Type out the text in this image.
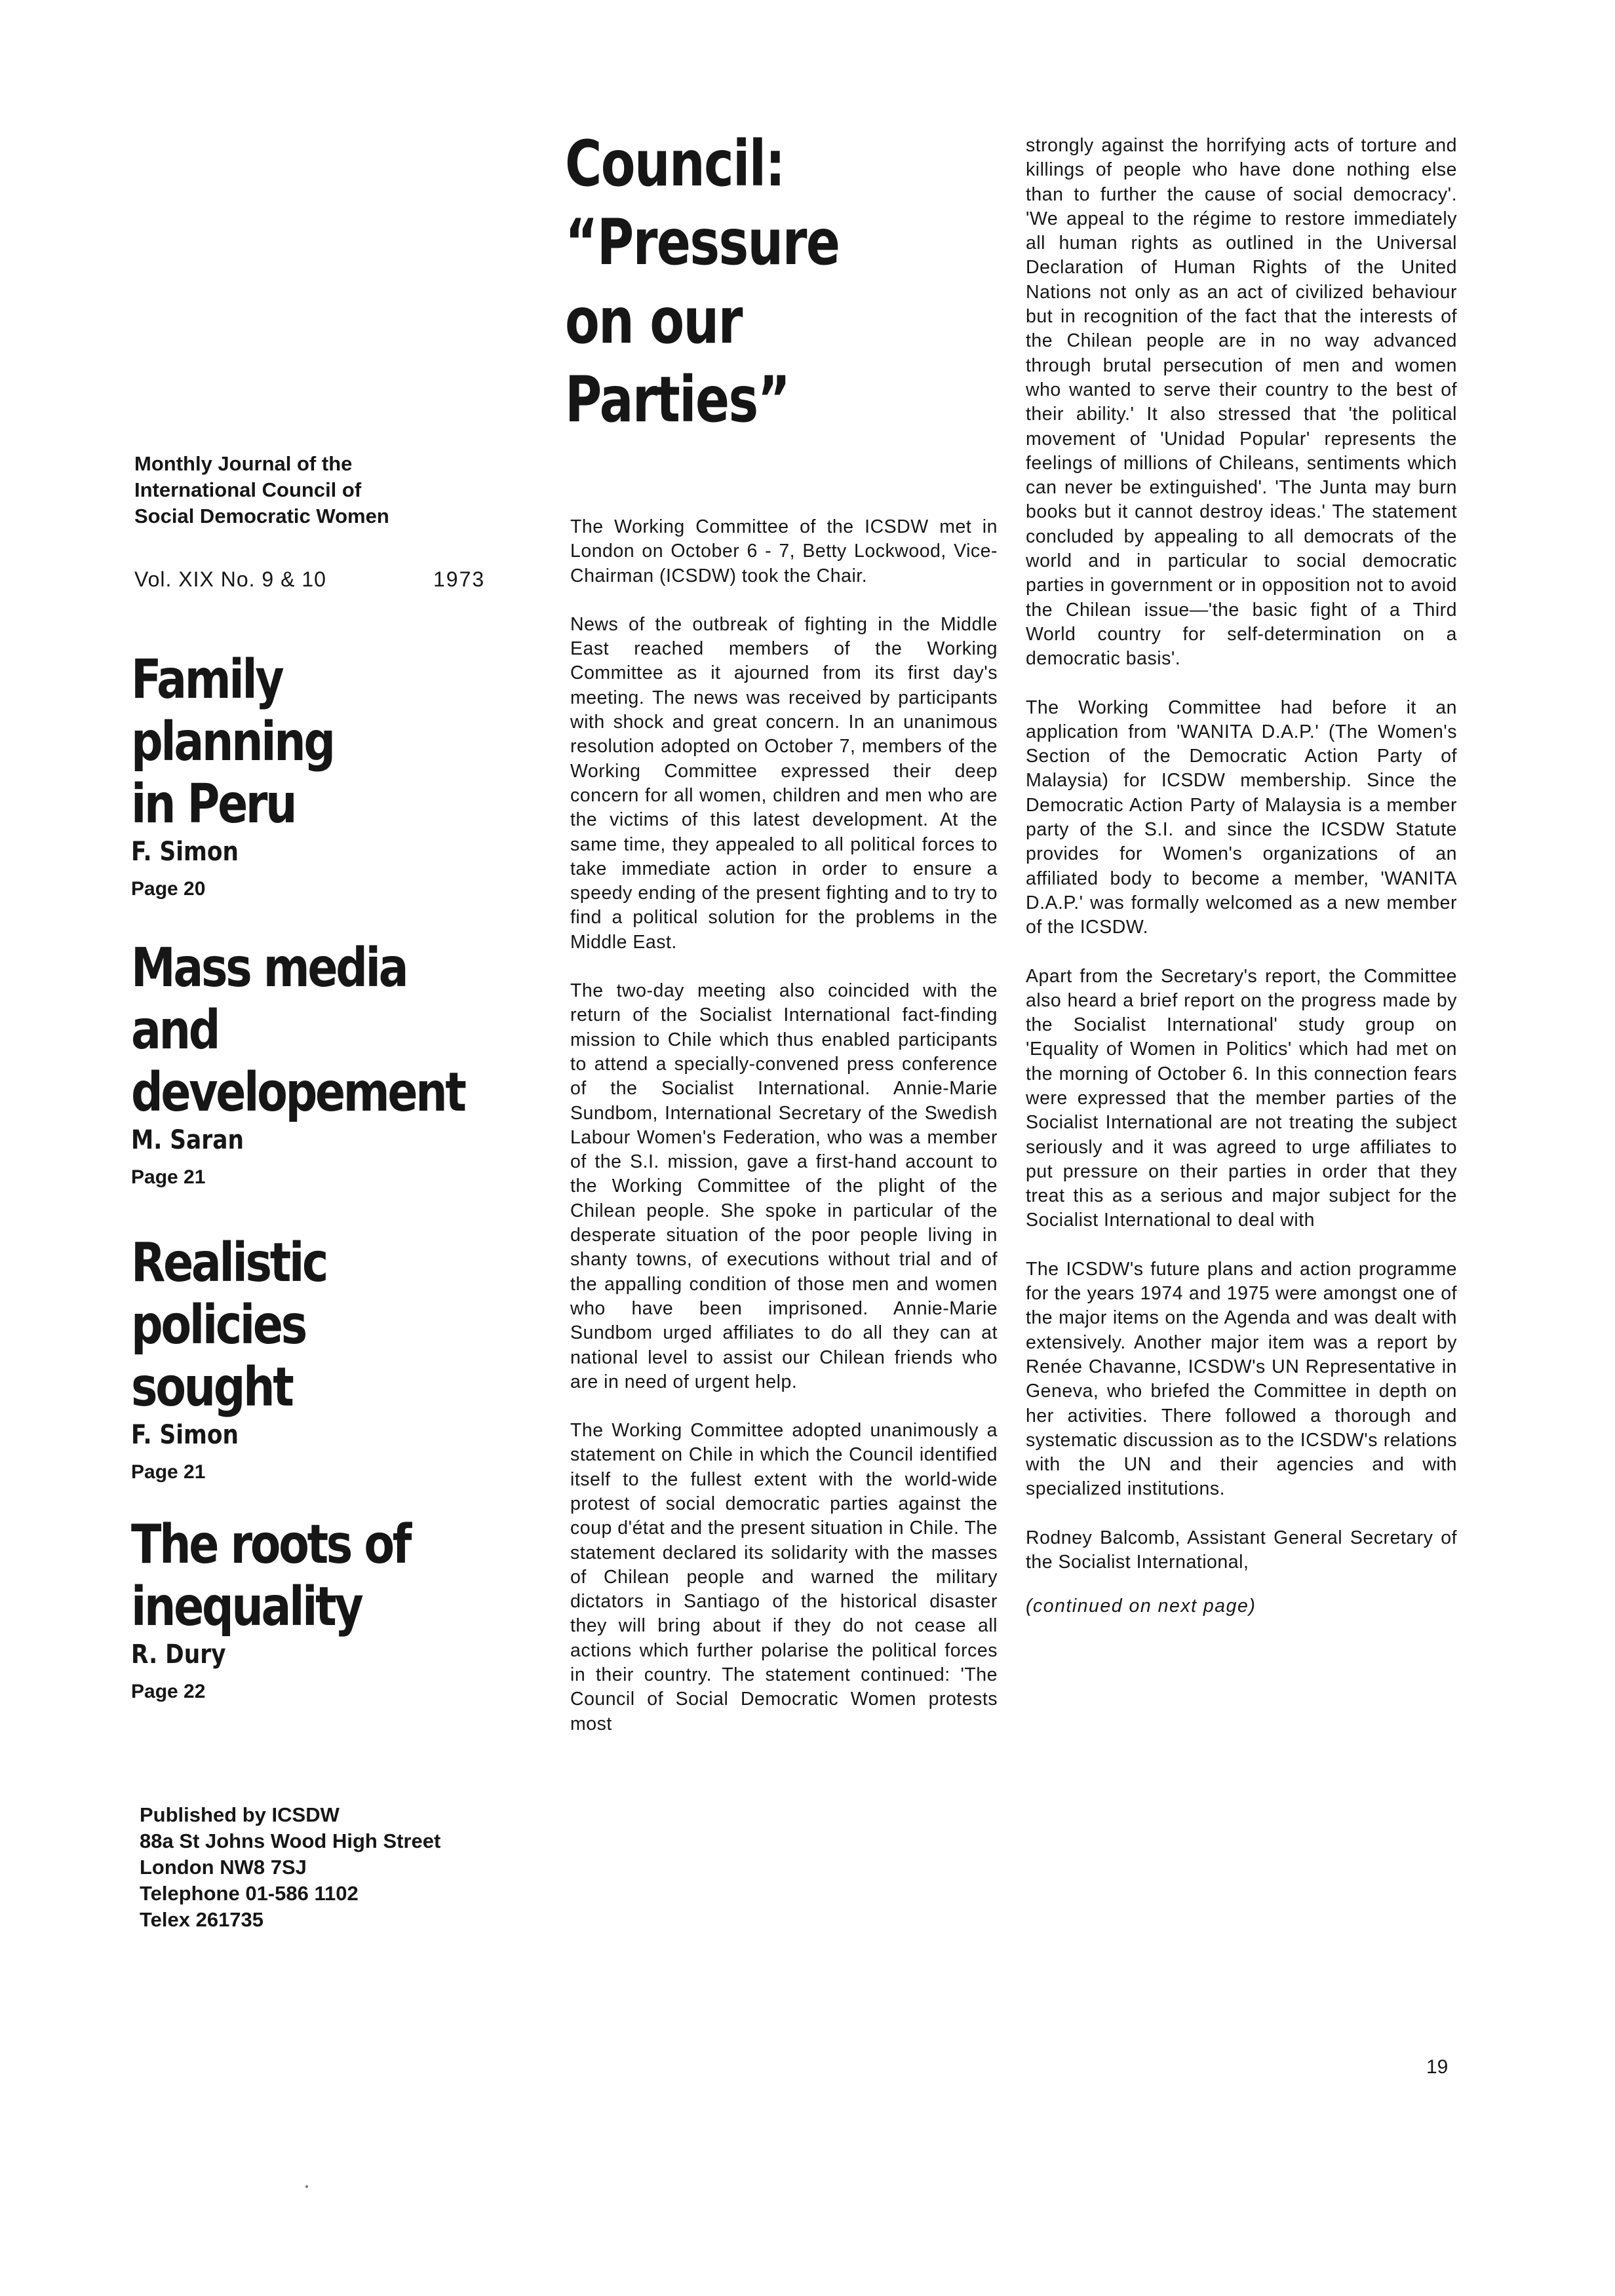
Monthly Journal of the
International Council of
Social Democratic Women
Vol. XIX No. 9 & 10	1973
Family
planning
in Peru
F. Simon
Page 20
Mass media
and
developement
M. Saran
Page 21
Realistic
policies
sought
F. Simon
Page 21
The roots of
inequality
R. Dury
Page 22
Published by ICSDW
88a St Johns Wood High Street
London NW8 7SJ
Telephone 01-586 1102
Telex 261735
Council:
“Pressure
on our
Parties”

The Working Committee of the ICSDW met in London on October 6 - 7, Betty Lockwood, Vice-Chairman (ICSDW) took the Chair.

News of the outbreak of fighting in the Middle East reached members of the Working Committee as it ajourned from its first day's meeting. The news was received by participants with shock and great concern. In an unanimous resolution adopted on October 7, members of the Working Committee expressed their deep concern for all women, children and men who are the victims of this latest development. At the same time, they appealed to all political forces to take immediate action in order to ensure a speedy ending of the present fighting and to try to find a political solution for the problems in the Middle East.

The two-day meeting also coincided with the return of the Socialist International fact-finding mission to Chile which thus enabled participants to attend a specially-convened press conference of the Socialist International. Annie-Marie Sundbom, International Secretary of the Swedish Labour Women's Federation, who was a member of the S.I. mission, gave a first-hand account to the Working Committee of the plight of the Chilean people. She spoke in particular of the desperate situation of the poor people living in shanty towns, of executions without trial and of the appalling condition of those men and women who have been imprisoned. Annie-Marie Sundbom urged affiliates to do all they can at national level to assist our Chilean friends who are in need of urgent help.

The Working Committee adopted unanimously a statement on Chile in which the Council identified itself to the fullest extent with the world-wide protest of social democratic parties against the coup d'état and the present situation in Chile. The statement declared its solidarity with the masses of Chilean people and warned the military dictators in Santiago of the historical disaster they will bring about if they do not cease all actions which further polarise the political forces in their country. The statement continued: 'The Council of Social Democratic Women protests most

strongly against the horrifying acts of torture and killings of people who have done nothing else than to further the cause of social democracy'. 'We appeal to the régime to restore immediately all human rights as outlined in the Universal Declaration of Human Rights of the United Nations not only as an act of civilized behaviour but in recognition of the fact that the interests of the Chilean people are in no way advanced through brutal persecution of men and women who wanted to serve their country to the best of their ability.' It also stressed that 'the political movement of 'Unidad Popular' represents the feelings of millions of Chileans, sentiments which can never be extinguished'. 'The Junta may burn books but it cannot destroy ideas.' The statement concluded by appealing to all democrats of the world and in particular to social democratic parties in government or in opposition not to avoid the Chilean issue—'the basic fight of a Third World country for self-determination on a democratic basis'.

The Working Committee had before it an application from 'WANITA D.A.P.' (The Women's Section of the Democratic Action Party of Malaysia) for ICSDW membership. Since the Democratic Action Party of Malaysia is a member party of the S.I. and since the ICSDW Statute provides for Women's organizations of an affiliated body to become a member, 'WANITA D.A.P.' was formally welcomed as a new member of the ICSDW.

Apart from the Secretary's report, the Committee also heard a brief report on the progress made by the Socialist International' study group on 'Equality of Women in Politics' which had met on the morning of October 6. In this connection fears were expressed that the member parties of the Socialist International are not treating the subject seriously and it was agreed to urge affiliates to put pressure on their parties in order that they treat this as a serious and major subject for the Socialist International to deal with

The ICSDW's future plans and action programme for the years 1974 and 1975 were amongst one of the major items on the Agenda and was dealt with extensively. Another major item was a report by Renée Chavanne, ICSDW's UN Representative in Geneva, who briefed the Committee in depth on her activities. There followed a thorough and systematic discussion as to the ICSDW's relations with the UN and their agencies and with specialized institutions.

Rodney Balcomb, Assistant General Secretary of the Socialist International,

(continued on next page)
19
